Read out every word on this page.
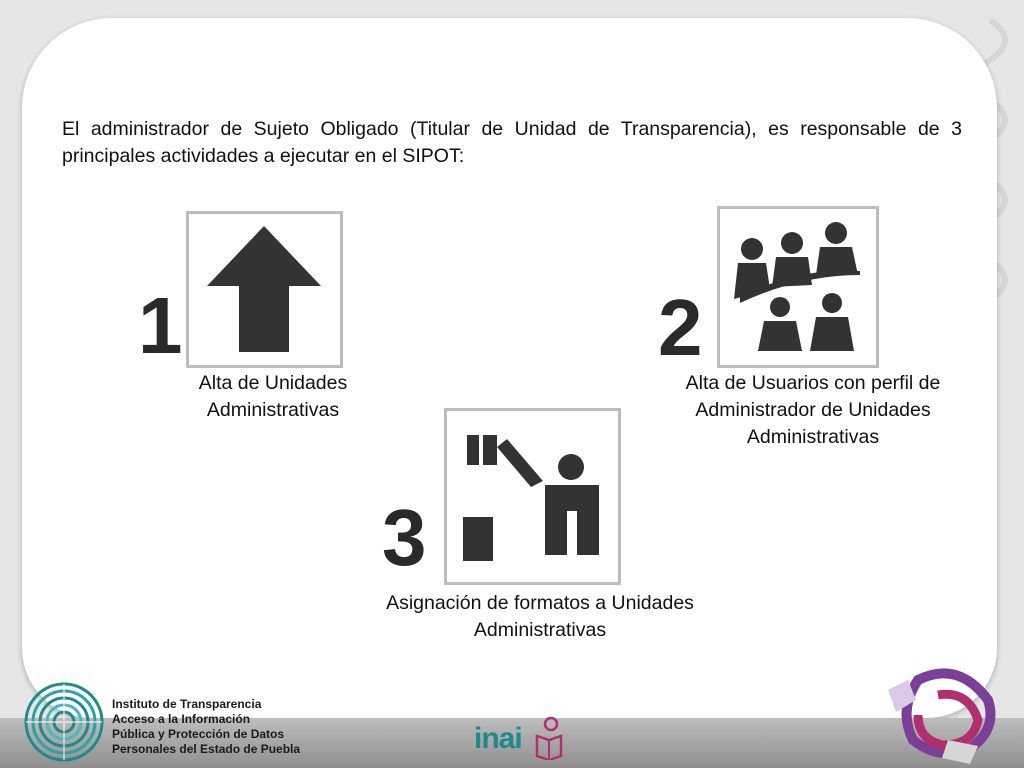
El administrador de Sujeto Obligado (Titular de Unidad de Transparencia), es responsable de 3 principales actividades a ejecutar en el SIPOT:
1
Alta de Unidades
Administrativas
2
Alta de Usuarios con perfil de
Administrador de Unidades
Administrativas
3
Asignación de formatos a Unidades
Administrativas
Instituto de Transparencia
Acceso a la Información
Pública y Protección de Datos
Personales del Estado de Puebla	inai
